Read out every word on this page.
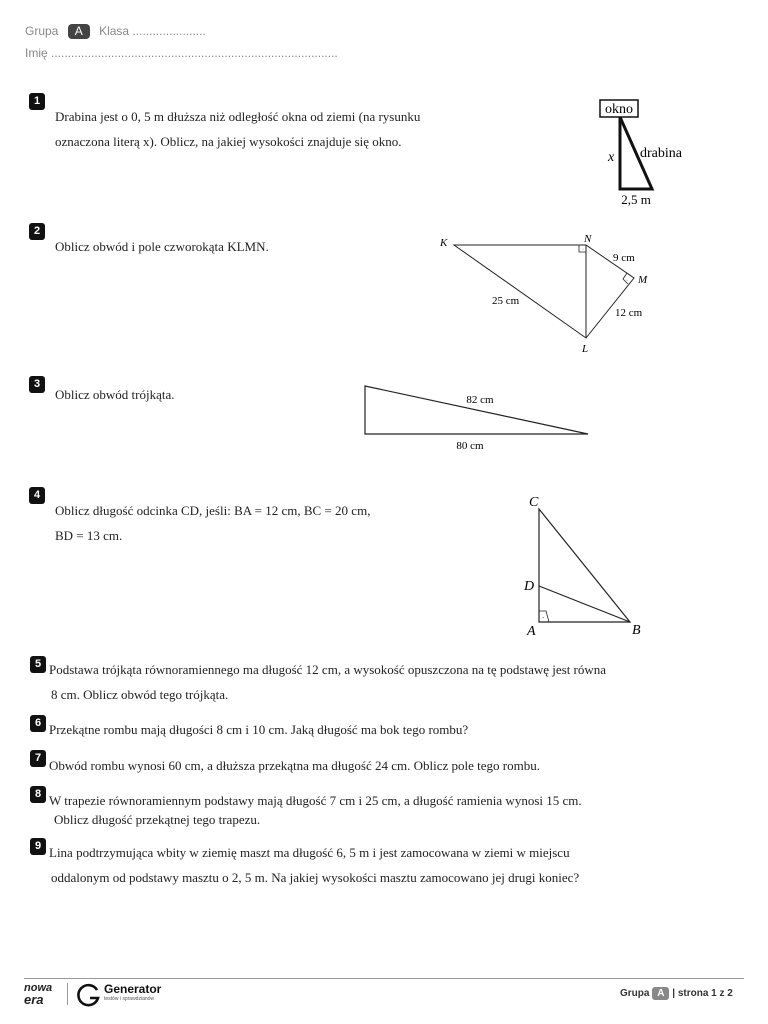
Grupa A Klasa ......................
Imię ......................................................................................
1
Drabina jest o 0, 5 m dłuższa niż odległość okna od ziemi (na rysunku
oznaczona literą x). Oblicz, na jakiej wysokości znajduje się okno.
okno
x drabina
2,5 m
2
Oblicz obwód i pole czworokąta KLMN.	·
·
K	N
M
L
9 cm
25 cm
12 cm
3
Oblicz obwód trójkąta.	82 cm
80 cm
4
Oblicz długość odcinka CD, jeśli: BA = 12 cm, BC = 20 cm,
BD = 13 cm.
·
C
D
A	B
5 Podstawa trójkąta równoramiennego ma długość 12 cm, a wysokość opuszczona na tę podstawę jest równa
8 cm. Oblicz obwód tego trójkąta.
6 Przekątne rombu mają długości 8 cm i 10 cm. Jaką długość ma bok tego rombu?
7 Obwód rombu wynosi 60 cm, a dłuższa przekątna ma długość 24 cm. Oblicz pole tego rombu.
8 W trapezie równoramiennym podstawy mają długość 7 cm i 25 cm, a długość ramienia wynosi 15 cm.
Oblicz długość przekątnej tego trapezu.
9 Lina podtrzymująca wbity w ziemię maszt ma długość 6, 5 m i jest zamocowana w ziemi w miejscu
oddalonym od podstawy masztu o 2, 5 m. Na jakiej wysokości masztu zamocowano jej drugi koniec?
nowa
era
Generator
testów i sprawdzianów	Grupa A | strona 1 z 2
